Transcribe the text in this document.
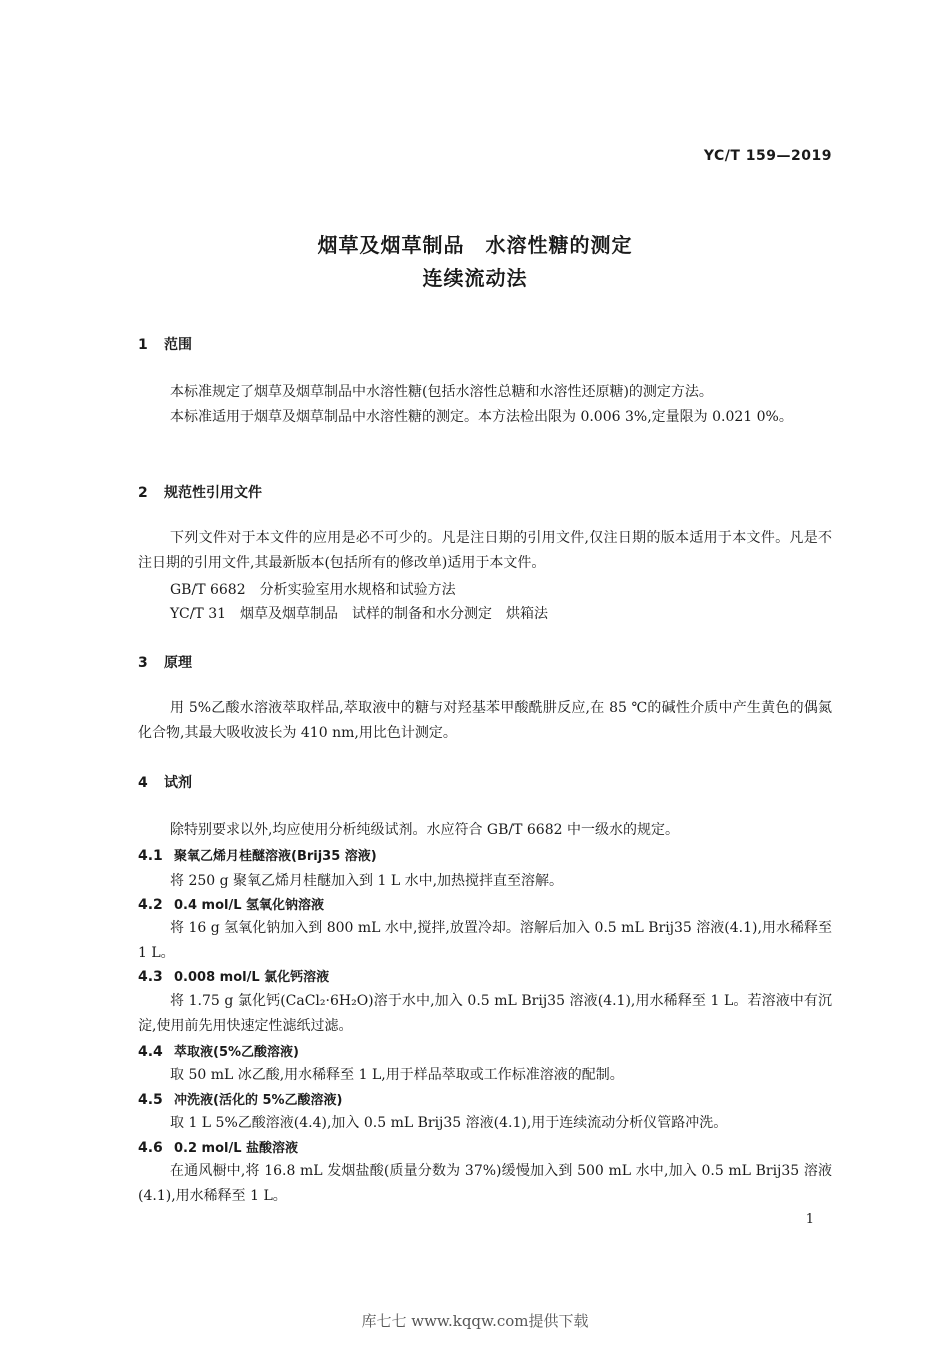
YC/T 159—2019
烟草及烟草制品　水溶性糖的测定
连续流动法
1 范围

本标准规定了烟草及烟草制品中水溶性糖(包括水溶性总糖和水溶性还原糖)的测定方法。

本标准适用于烟草及烟草制品中水溶性糖的测定。本方法检出限为 0.006 3%,定量限为 0.021 0%。

2 规范性引用文件

下列文件对于本文件的应用是必不可少的。凡是注日期的引用文件,仅注日期的版本适用于本文件。凡是不注日期的引用文件,其最新版本(包括所有的修改单)适用于本文件。

GB/T 6682　分析实验室用水规格和试验方法
YC/T 31　烟草及烟草制品　试样的制备和水分测定　烘箱法
3 原理

用 5%乙酸水溶液萃取样品,萃取液中的糖与对羟基苯甲酸酰肼反应,在 85 ℃的碱性介质中产生黄色的偶氮化合物,其最大吸收波长为 410 nm,用比色计测定。

4 试剂

除特别要求以外,均应使用分析纯级试剂。水应符合 GB/T 6682 中一级水的规定。

4.1 聚氧乙烯月桂醚溶液(Brij35 溶液)

将 250 g 聚氧乙烯月桂醚加入到 1 L 水中,加热搅拌直至溶解。

4.2 0.4 mol/L 氢氧化钠溶液

将 16 g 氢氧化钠加入到 800 mL 水中,搅拌,放置冷却。溶解后加入 0.5 mL Brij35 溶液(4.1),用水稀释至 1 L。

4.3 0.008 mol/L 氯化钙溶液

将 1.75 g 氯化钙(CaCl₂·6H₂O)溶于水中,加入 0.5 mL Brij35 溶液(4.1),用水稀释至 1 L。若溶液中有沉淀,使用前先用快速定性滤纸过滤。

4.4 萃取液(5%乙酸溶液)

取 50 mL 冰乙酸,用水稀释至 1 L,用于样品萃取或工作标准溶液的配制。

4.5 冲洗液(活化的 5%乙酸溶液)

取 1 L 5%乙酸溶液(4.4),加入 0.5 mL Brij35 溶液(4.1),用于连续流动分析仪管路冲洗。

4.6 0.2 mol/L 盐酸溶液

在通风橱中,将 16.8 mL 发烟盐酸(质量分数为 37%)缓慢加入到 500 mL 水中,加入 0.5 mL Brij35 溶液(4.1),用水稀释至 1 L。

1
库七七 www.kqqw.com提供下载
